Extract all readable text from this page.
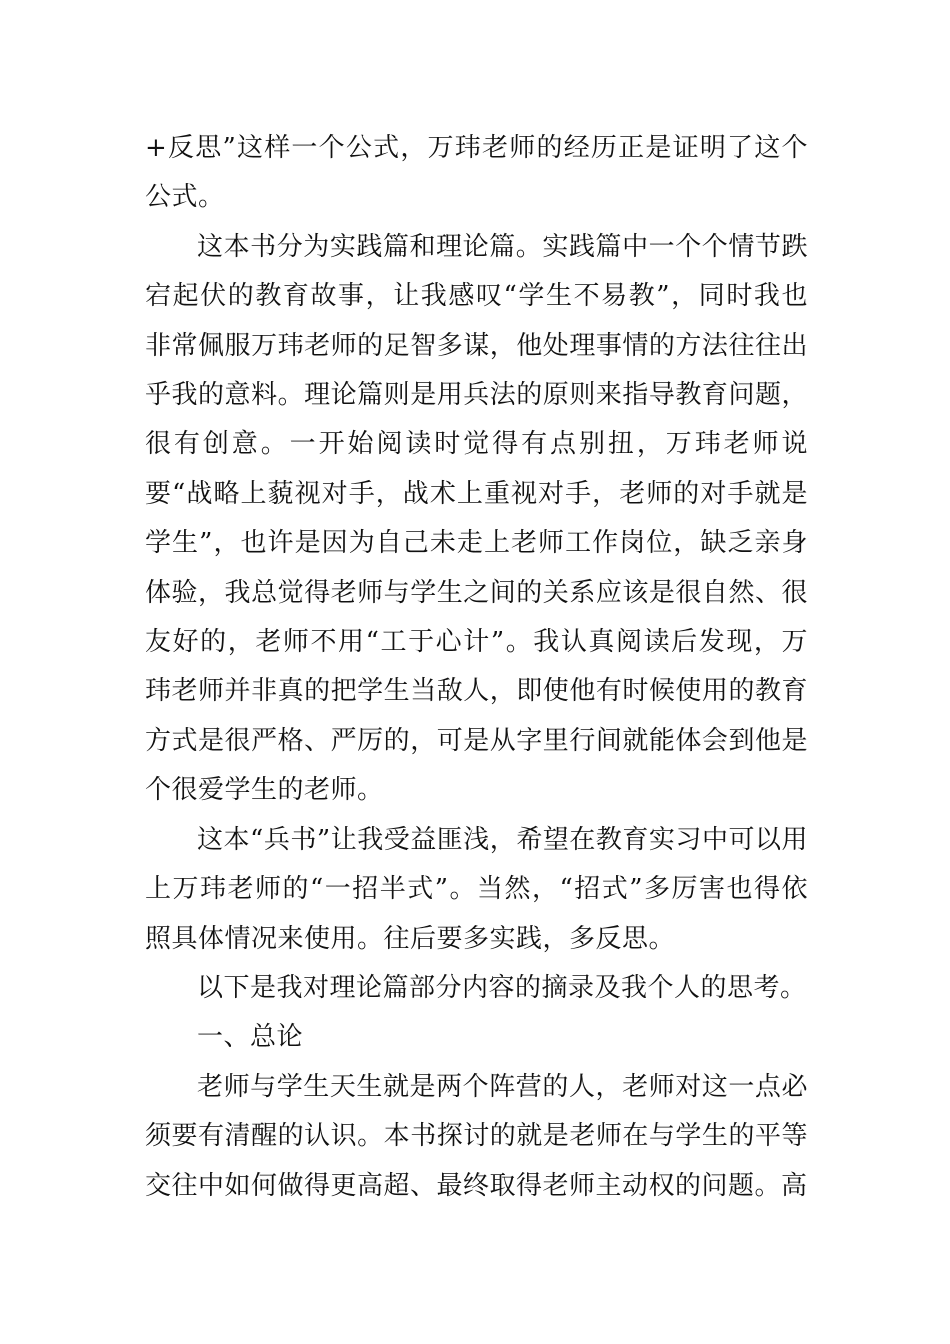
+反思”这样一个公式，万玮老师的经历正是证明了这个公式。

这本书分为实践篇和理论篇。实践篇中一个个情节跌宕起伏的教育故事，让我感叹“学生不易教”，同时我也非常佩服万玮老师的足智多谋，他处理事情的方法往往出乎我的意料。理论篇则是用兵法的原则来指导教育问题，很有创意。一开始阅读时觉得有点别扭，万玮老师说要“战略上藐视对手，战术上重视对手，老师的对手就是学生”，也许是因为自己未走上老师工作岗位，缺乏亲身体验，我总觉得老师与学生之间的关系应该是很自然、很友好的，老师不用“工于心计”。我认真阅读后发现，万玮老师并非真的把学生当敌人，即使他有时候使用的教育方式是很严格、严厉的，可是从字里行间就能体会到他是个很爱学生的老师。

这本“兵书”让我受益匪浅，希望在教育实习中可以用上万玮老师的“一招半式”。当然，“招式”多厉害也得依照具体情况来使用。往后要多实践，多反思。

以下是我对理论篇部分内容的摘录及我个人的思考。

一、总论

老师与学生天生就是两个阵营的人，老师对这一点必须要有清醒的认识。本书探讨的就是老师在与学生的平等交往中如何做得更高超、最终取得老师主动权的问题。高
